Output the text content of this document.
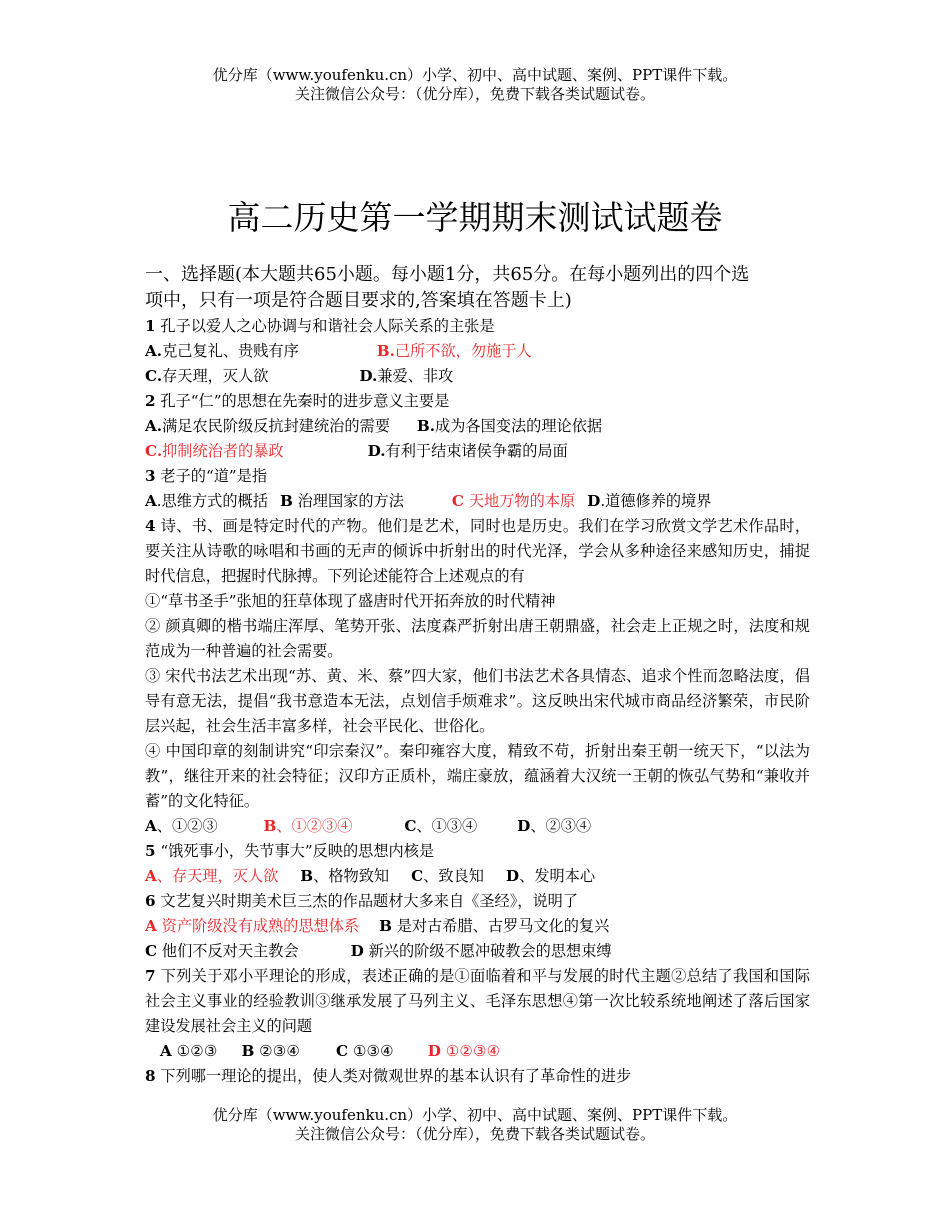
优分库（www.youfenku.cn）小学、初中、高中试题、案例、PPT课件下载。
关注微信公众号：（优分库），免费下载各类试题试卷。
高二历史第一学期期末测试试题卷

一、选择题(本大题共65小题。每小题1分，共65分。在每小题列出的四个选

项中，只有一项是符合题目要求的,答案填在答题卡上)

1 孔子以爱人之心协调与和谐社会人际关系的主张是

A.克己复礼、贵贱有序	B.己所不欲，勿施于人

C.存天理，灭人欲	D.兼爱、非攻

2 孔子“仁”的思想在先秦时的进步意义主要是

A.满足农民阶级反抗封建统治的需要 B.成为各国变法的理论依据

C.抑制统治者的暴政	D.有利于结束诸侯争霸的局面

3 老子的“道”是指

A.思维方式的概括 B 治理国家的方法	C 天地万物的本原 D.道德修养的境界

4 诗、书、画是特定时代的产物。他们是艺术，同时也是历史。我们在学习欣赏文学艺术作品时，要关注从诗歌的咏唱和书画的无声的倾诉中折射出的时代光泽，学会从多种途径来感知历史，捕捉时代信息，把握时代脉搏。下列论述能符合上述观点的有

①“草书圣手”张旭的狂草体现了盛唐时代开拓奔放的时代精神

② 颜真卿的楷书端庄浑厚、笔势开张、法度森严折射出唐王朝鼎盛，社会走上正规之时，法度和规范成为一种普遍的社会需要。

③ 宋代书法艺术出现“苏、黄、米、蔡”四大家，他们书法艺术各具情态、追求个性而忽略法度，倡导有意无法，提倡“我书意造本无法，点划信手烦难求”。这反映出宋代城市商品经济繁荣，市民阶层兴起，社会生活丰富多样，社会平民化、世俗化。

④ 中国印章的刻制讲究“印宗秦汉”。秦印雍容大度，精致不苟，折射出秦王朝一统天下，“以法为教”，继往开来的社会特征；汉印方正质朴，端庄豪放，蕴涵着大汉统一王朝的恢弘气势和“兼收并蓄”的文化特征。

A、①②③	B、①②③④	C、①③④	D、②③④

5 “饿死事小，失节事大”反映的思想内核是

A、存天理，灭人欲 B、格物致知 C、致良知 D、发明本心

6 文艺复兴时期美术巨三杰的作品题材大多来自《圣经》，说明了

A 资产阶级没有成熟的思想体系 B 是对古希腊、古罗马文化的复兴

C 他们不反对天主教会	D 新兴的阶级不愿冲破教会的思想束缚

7 下列关于邓小平理论的形成，表述正确的是①面临着和平与发展的时代主题②总结了我国和国际社会主义事业的经验教训③继承发展了马列主义、毛泽东思想④第一次比较系统地阐述了落后国家建设发展社会主义的问题

A ①②③ B ②③④ C ①③④ D ①②③④

8 下列哪一理论的提出，使人类对微观世界的基本认识有了革命性的进步

优分库（www.youfenku.cn）小学、初中、高中试题、案例、PPT课件下载。
关注微信公众号：（优分库），免费下载各类试题试卷。
